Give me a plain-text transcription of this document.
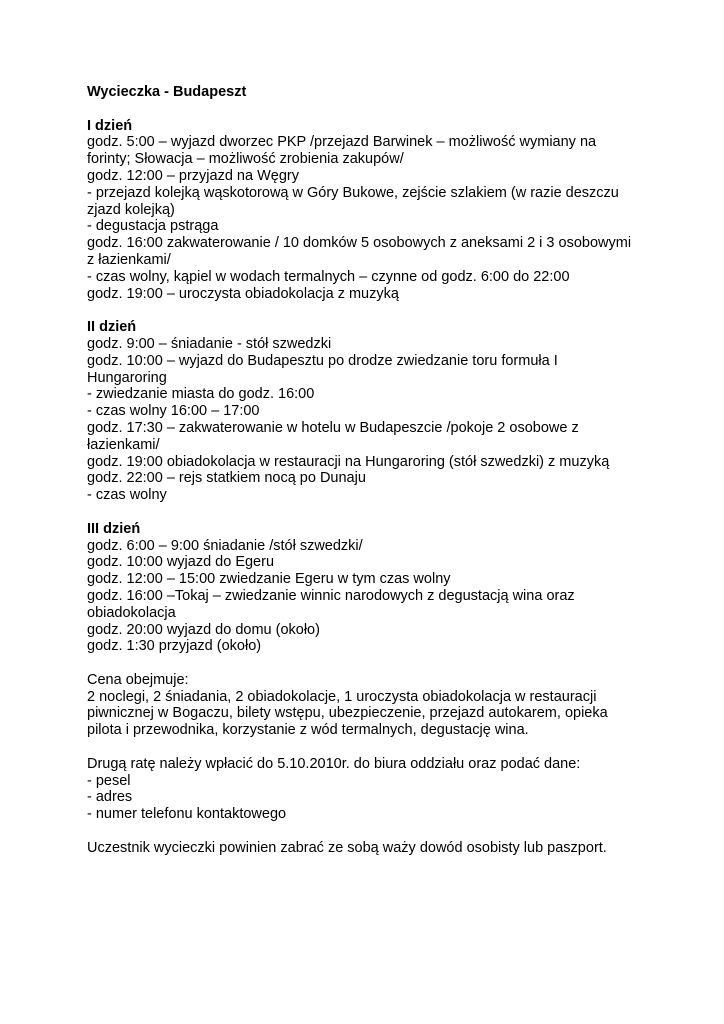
Wycieczka - Budapeszt
I dzień
godz. 5:00 – wyjazd dworzec PKP /przejazd Barwinek – możliwość wymiany na
forinty; Słowacja – możliwość zrobienia zakupów/
godz. 12:00 – przyjazd na Węgry
- przejazd kolejką wąskotorową w Góry Bukowe, zejście szlakiem (w razie deszczu
zjazd kolejką)
- degustacja pstrąga
godz. 16:00 zakwaterowanie / 10 domków 5 osobowych z aneksami 2 i 3 osobowymi
z łazienkami/
- czas wolny, kąpiel w wodach termalnych – czynne od godz. 6:00 do 22:00
godz. 19:00 – uroczysta obiadokolacja z muzyką
II dzień
godz. 9:00 – śniadanie - stół szwedzki
godz. 10:00 – wyjazd do Budapesztu po drodze zwiedzanie toru formuła I
Hungaroring
- zwiedzanie miasta do godz. 16:00
- czas wolny 16:00 – 17:00
godz. 17:30 – zakwaterowanie w hotelu w Budapeszcie /pokoje 2 osobowe z
łazienkami/
godz. 19:00 obiadokolacja w restauracji na Hungaroring (stół szwedzki) z muzyką
godz. 22:00 – rejs statkiem nocą po Dunaju
- czas wolny
III dzień
godz. 6:00 – 9:00 śniadanie /stół szwedzki/
godz. 10:00 wyjazd do Egeru
godz. 12:00 – 15:00 zwiedzanie Egeru w tym czas wolny
godz. 16:00 –Tokaj – zwiedzanie winnic narodowych z degustacją wina oraz
obiadokolacja
godz. 20:00 wyjazd do domu (około)
godz. 1:30 przyjazd (około)
Cena obejmuje:
2 noclegi, 2 śniadania, 2 obiadokolacje, 1 uroczysta obiadokolacja w restauracji
piwnicznej w Bogaczu, bilety wstępu, ubezpieczenie, przejazd autokarem, opieka
pilota i przewodnika, korzystanie z wód termalnych, degustację wina.
Drugą ratę należy wpłacić do 5.10.2010r. do biura oddziału oraz podać dane:
- pesel
- adres
- numer telefonu kontaktowego
Uczestnik wycieczki powinien zabrać ze sobą waży dowód osobisty lub paszport.
